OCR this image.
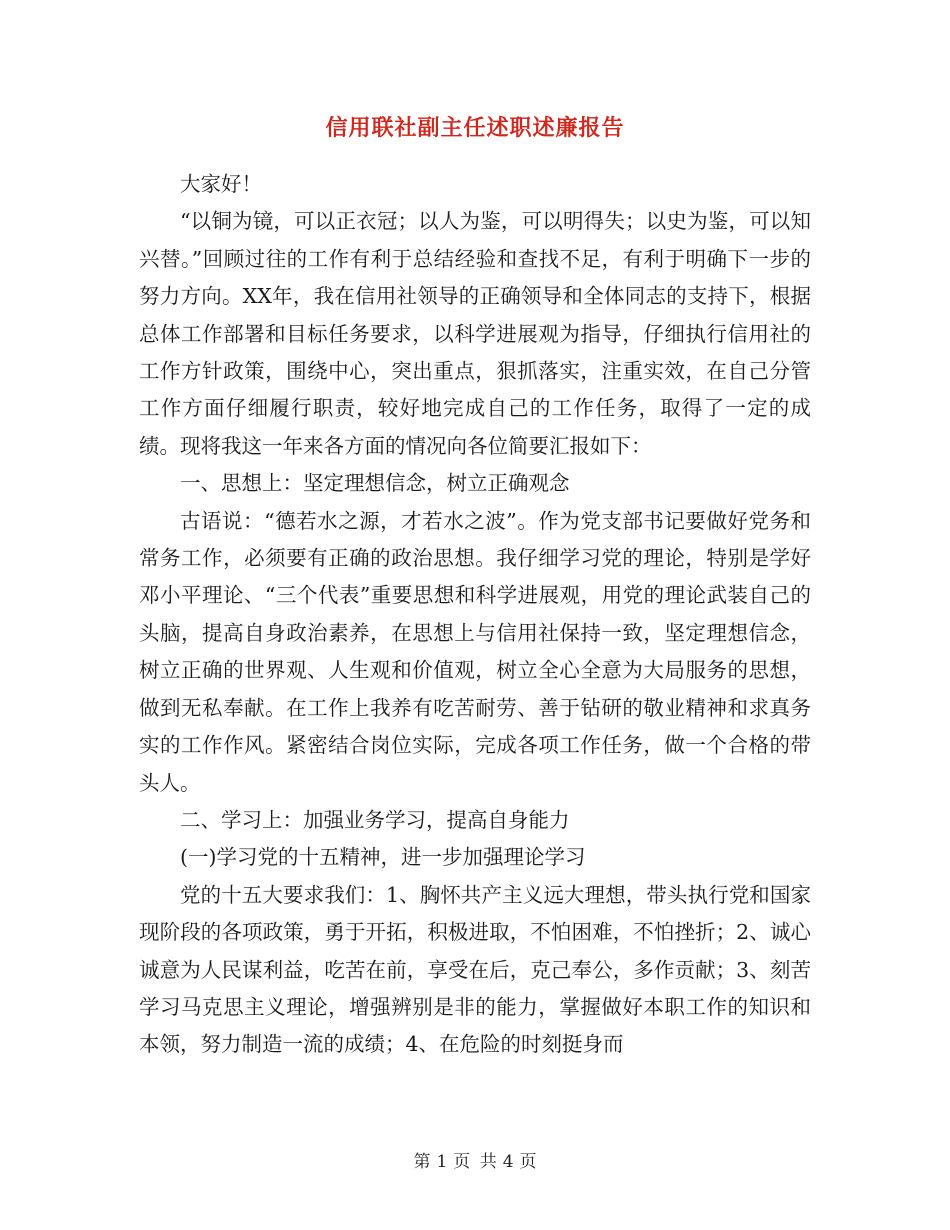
信用联社副主任述职述廉报告

大家好！

“以铜为镜，可以正衣冠；以人为鉴，可以明得失；以史为鉴，可以知兴替。”回顾过往的工作有利于总结经验和查找不足，有利于明确下一步的努力方向。XX年，我在信用社领导的正确领导和全体同志的支持下，根据总体工作部署和目标任务要求，以科学进展观为指导，仔细执行信用社的工作方针政策，围绕中心，突出重点，狠抓落实，注重实效，在自己分管工作方面仔细履行职责，较好地完成自己的工作任务，取得了一定的成绩。现将我这一年来各方面的情况向各位简要汇报如下：

一、思想上：坚定理想信念，树立正确观念

古语说：“德若水之源，才若水之波”。作为党支部书记要做好党务和常务工作，必须要有正确的政治思想。我仔细学习党的理论，特别是学好邓小平理论、“三个代表”重要思想和科学进展观，用党的理论武装自己的头脑，提高自身政治素养，在思想上与信用社保持一致，坚定理想信念，树立正确的世界观、人生观和价值观，树立全心全意为大局服务的思想，做到无私奉献。在工作上我养有吃苦耐劳、善于钻研的敬业精神和求真务实的工作作风。紧密结合岗位实际，完成各项工作任务，做一个合格的带头人。

二、学习上：加强业务学习，提高自身能力

(一)学习党的十五精神，进一步加强理论学习

党的十五大要求我们：1、胸怀共产主义远大理想，带头执行党和国家现阶段的各项政策，勇于开拓，积极进取，不怕困难，不怕挫折；2、诚心诚意为人民谋利益，吃苦在前，享受在后，克己奉公，多作贡献；3、刻苦学习马克思主义理论，增强辨别是非的能力，掌握做好本职工作的知识和本领，努力制造一流的成绩；4、在危险的时刻挺身而

第 1 页 共 4 页
